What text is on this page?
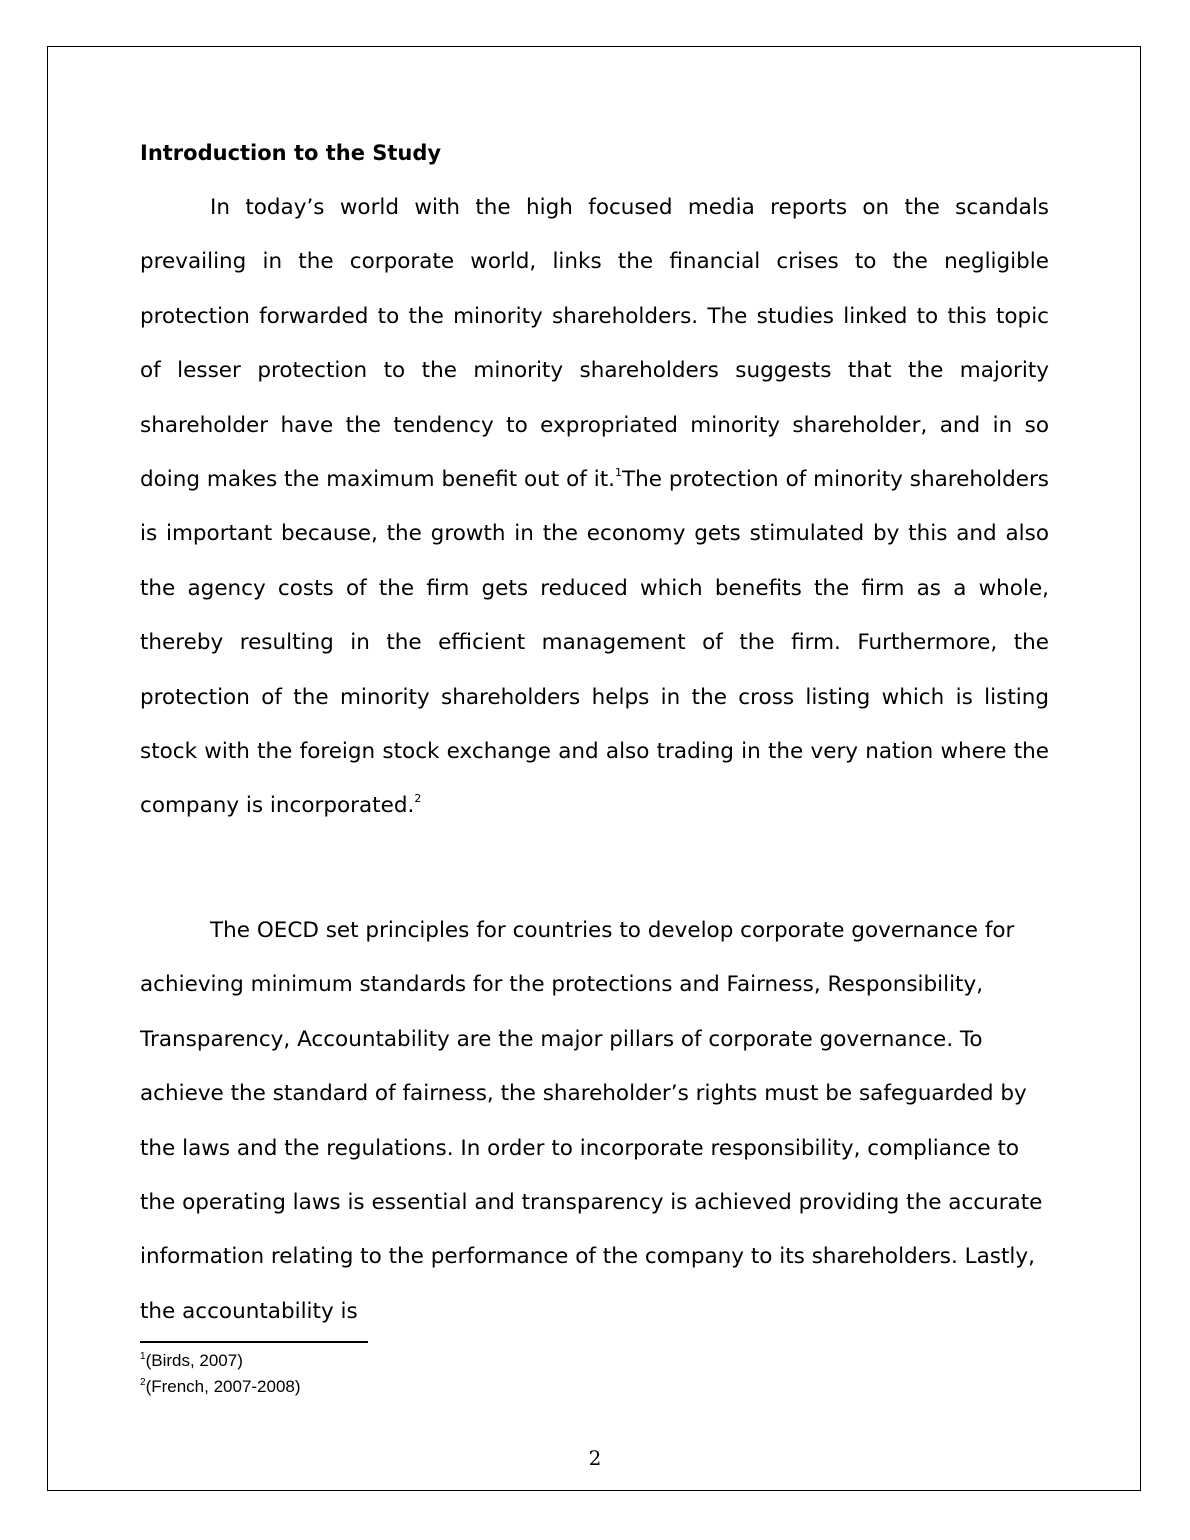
Introduction to the Study

In today’s world with the high focused media reports on the scandals prevailing in the corporate world, links the financial crises to the negligible protection forwarded to the minority shareholders. The studies linked to this topic of lesser protection to the minority shareholders suggests that the majority shareholder have the tendency to expropriated minority shareholder, and in so doing makes the maximum benefit out of it.$^1$The protection of minority shareholders is important because, the growth in the economy gets stimulated by this and also the agency costs of the firm gets reduced which benefits the firm as a whole, thereby resulting in the efficient management of the firm. Furthermore, the protection of the minority shareholders helps in the cross listing which is listing stock with the foreign stock exchange and also trading in the very nation where the company is incorporated.$^2$

The OECD set principles for countries to develop corporate governance for achieving minimum standards for the protections and Fairness, Responsibility, Transparency, Accountability are the major pillars of corporate governance. To achieve the standard of fairness, the shareholder’s rights must be safeguarded by the laws and the regulations. In order to incorporate responsibility, compliance to the operating laws is essential and transparency is achieved providing the accurate information relating to the performance of the company to its shareholders. Lastly, the accountability is

$^1$(Birds, 2007)
$^2$(French, 2007-2008)
2
